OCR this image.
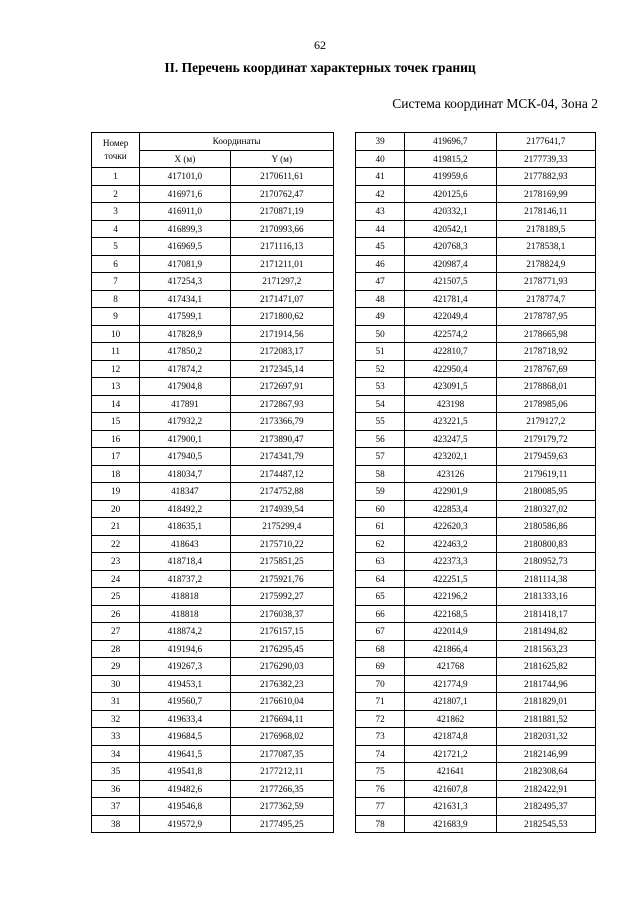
62
II. Перечень координат характерных точек границ
Система координат МСК-04, Зона 2
Номер
точки	Координаты	
	X (м)	Y (м)
1	417101,0	2170611,61
2	416971,6	2170762,47
3	416911,0	2170871,19
4	416899,3	2170993,66
5	416969,5	2171116,13
6	417081,9	2171211,01
7	417254,3	2171297,2
8	417434,1	2171471,07
9	417599,1	2171800,62
10	417828,9	2171914,56
11	417850,2	2172083,17
12	417874,2	2172345,14
13	417904,8	2172697,91
14	417891	2172867,93
15	417932,2	2173366,79
16	417900,1	2173890,47
17	417940,5	2174341,79
18	418034,7	2174487,12
19	418347	2174752,88
20	418492,2	2174939,54
21	418635,1	2175299,4
22	418643	2175710,22
23	418718,4	2175851,25
24	418737,2	2175921,76
25	418818	2175992,27
26	418818	2176038,37
27	418874,2	2176157,15
28	419194,6	2176295,45
29	419267,3	2176290,03
30	419453,1	2176382,23
31	419560,7	2176610,04
32	419633,4	2176694,11
33	419684,5	2176968,02
34	419641,5	2177087,35
35	419541,8	2177212,11
36	419482,6	2177266,35
37	419546,8	2177362,59
38	419572,9	2177495,25
39	419696,7	2177641,7
40	419815,2	2177739,33
41	419959,6	2177882,93
42	420125,6	2178169,99
43	420332,1	2178146,11
44	420542,1	2178189,5
45	420768,3	2178538,1
46	420987,4	2178824,9
47	421507,5	2178771,93
48	421781,4	2178774,7
49	422049,4	2178787,95
50	422574,2	2178665,98
51	422810,7	2178718,92
52	422950,4	2178767,69
53	423091,5	2178868,01
54	423198	2178985,06
55	423221,5	2179127,2
56	423247,5	2179179,72
57	423202,1	2179459,63
58	423126	2179619,11
59	422901,9	2180085,95
60	422853,4	2180327,02
61	422620,3	2180586,86
62	422463,2	2180800,83
63	422373,3	2180952,73
64	422251,5	2181114,38
65	422196,2	2181333,16
66	422168,5	2181418,17
67	422014,9	2181494,82
68	421866,4	2181563,23
69	421768	2181625,82
70	421774,9	2181744,96
71	421807,1	2181829,01
72	421862	2181881,52
73	421874,8	2182031,32
74	421721,2	2182146,99
75	421641	2182308,64
76	421607,8	2182422,91
77	421631,3	2182495,37
78	421683,9	2182545,53
